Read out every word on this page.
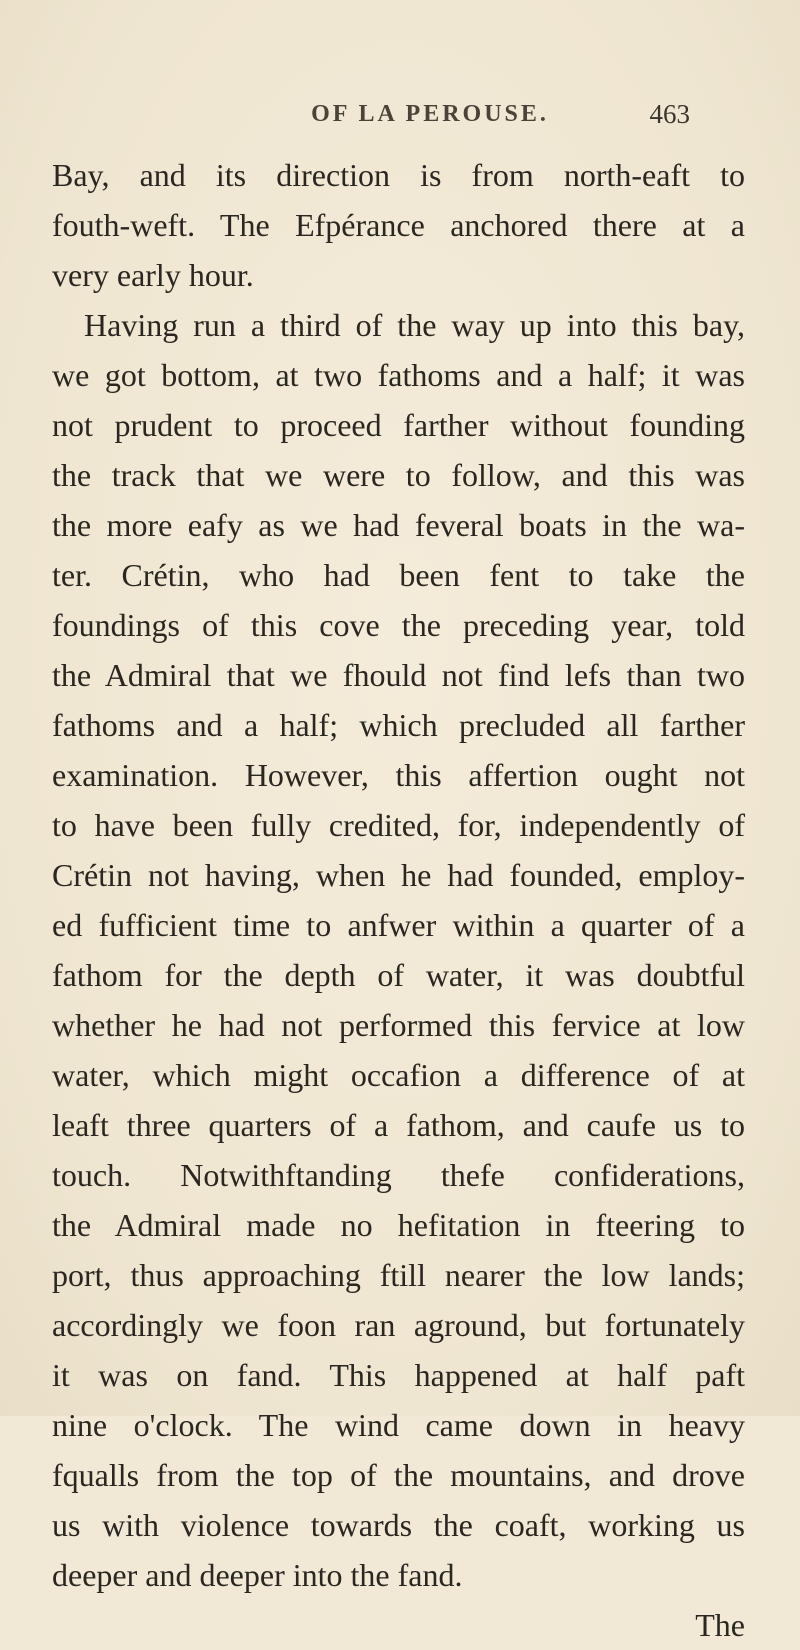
OF LA PEROUSE.	463
Bay, and its direction is from north-eaft to
fouth-weft. The Efpérance anchored there at a
very early hour.
Having run a third of the way up into this bay,
we got bottom, at two fathoms and a half; it was
not prudent to proceed farther without founding
the track that we were to follow, and this was
the more eafy as we had feveral boats in the wa-
ter. Crétin, who had been fent to take the
foundings of this cove the preceding year, told
the Admiral that we fhould not find lefs than two
fathoms and a half; which precluded all farther
examination. However, this affertion ought not
to have been fully credited, for, independently of
Crétin not having, when he had founded, employ-
ed fufficient time to anfwer within a quarter of a
fathom for the depth of water, it was doubtful
whether he had not performed this fervice at low
water, which might occafion a difference of at
leaft three quarters of a fathom, and caufe us to
touch. Notwithftanding thefe confiderations,
the Admiral made no hefitation in fteering to
port, thus approaching ftill nearer the low lands;
accordingly we foon ran aground, but fortunately
it was on fand. This happened at half paft
nine o'clock. The wind came down in heavy
fqualls from the top of the mountains, and drove
us with violence towards the coaft, working us
deeper and deeper into the fand.
The
